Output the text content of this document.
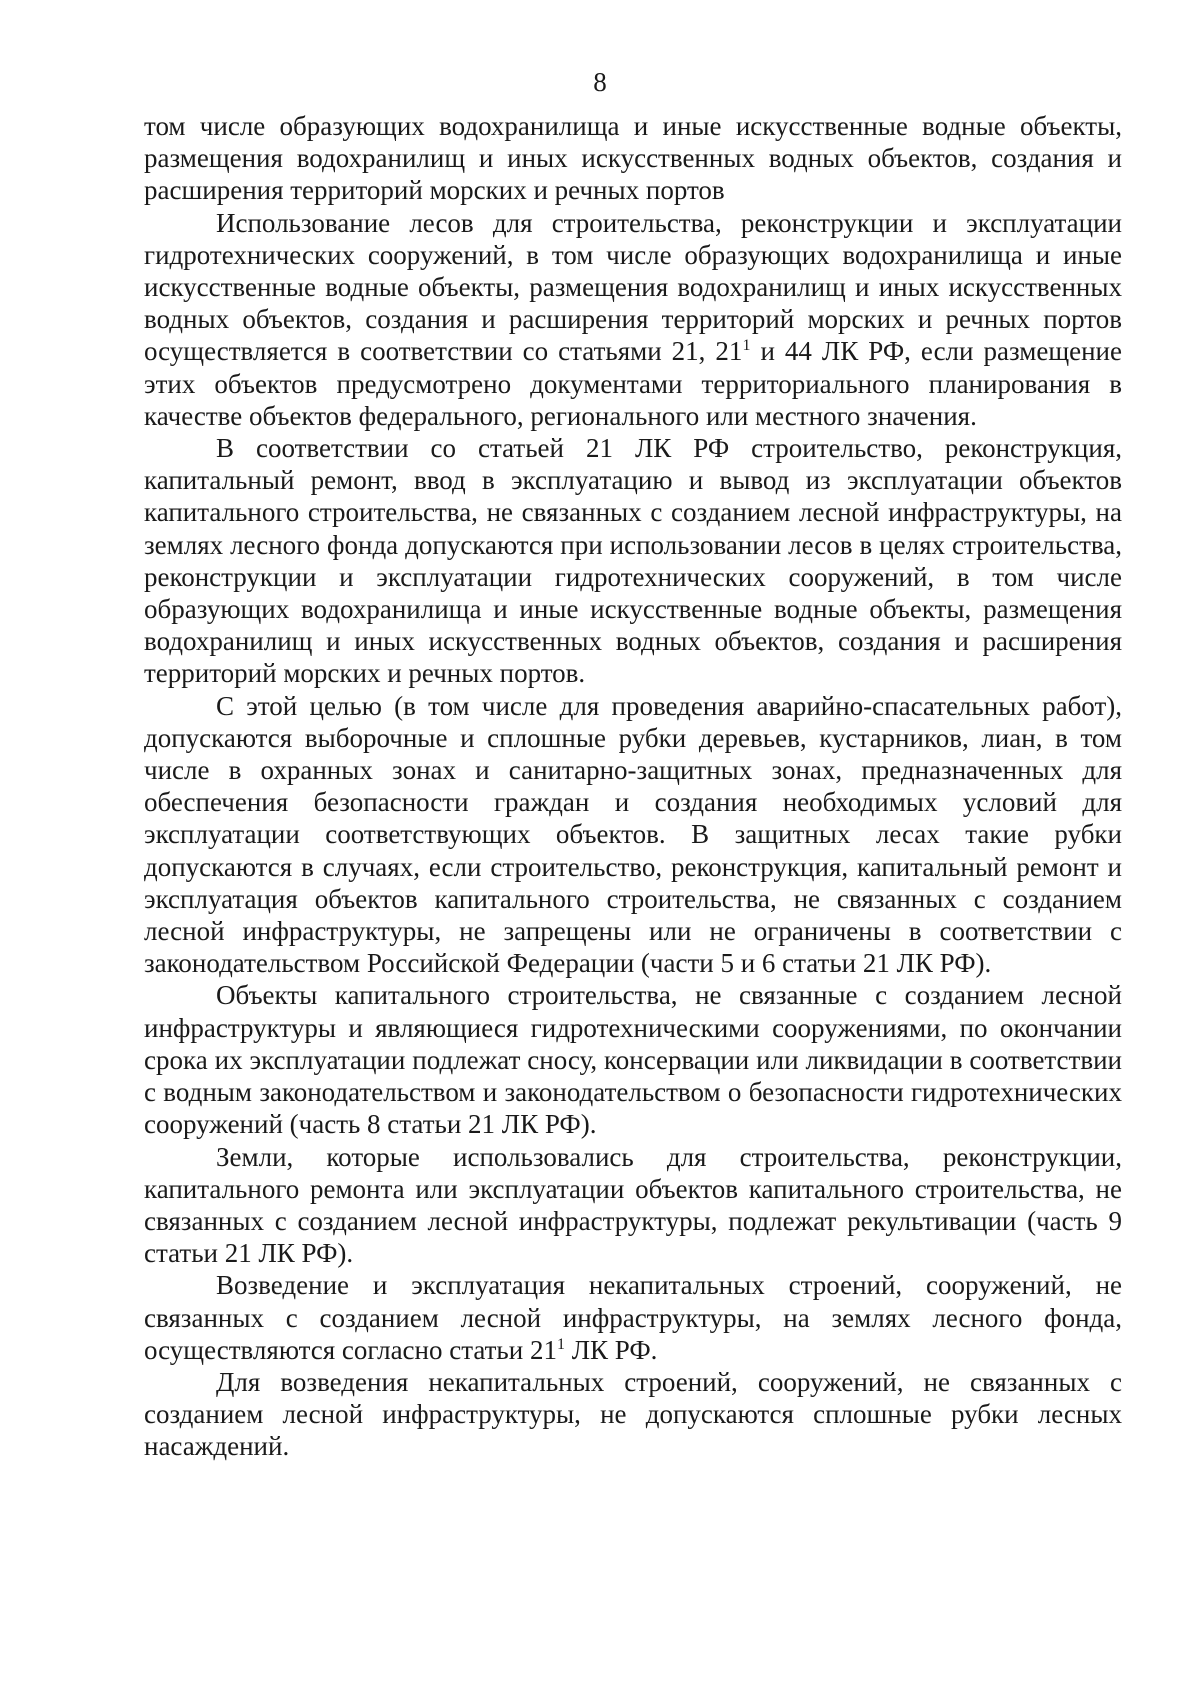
8

том числе образующих водохранилища и иные искусственные водные объекты, размещения водохранилищ и иных искусственных водных объектов, создания и расширения территорий морских и речных портов

Использование лесов для строительства, реконструкции и эксплуатации гидротехнических сооружений, в том числе образующих водохранилища и иные искусственные водные объекты, размещения водохранилищ и иных искусственных водных объектов, создания и расширения территорий морских и речных портов осуществляется в соответствии со статьями 21, $21^1$ и 44 ЛК РФ, если размещение этих объектов предусмотрено документами территориального планирования в качестве объектов федерального, регионального или местного значения.

В соответствии со статьей 21 ЛК РФ строительство, реконструкция, капитальный ремонт, ввод в эксплуатацию и вывод из эксплуатации объектов капитального строительства, не связанных с созданием лесной инфраструктуры, на землях лесного фонда допускаются при использовании лесов в целях строительства, реконструкции и эксплуатации гидротехнических сооружений, в том числе образующих водохранилища и иные искусственные водные объекты, размещения водохранилищ и иных искусственных водных объектов, создания и расширения территорий морских и речных портов.

С этой целью (в том числе для проведения аварийно-спасательных работ), допускаются выборочные и сплошные рубки деревьев, кустарников, лиан, в том числе в охранных зонах и санитарно-защитных зонах, предназначенных для обеспечения безопасности граждан и создания необходимых условий для эксплуатации соответствующих объектов. В защитных лесах такие рубки допускаются в случаях, если строительство, реконструкция, капитальный ремонт и эксплуатация объектов капитального строительства, не связанных с созданием лесной инфраструктуры, не запрещены или не ограничены в соответствии с законодательством Российской Федерации (части 5 и 6 статьи 21 ЛК РФ).

Объекты капитального строительства, не связанные с созданием лесной инфраструктуры и являющиеся гидротехническими сооружениями, по окончании срока их эксплуатации подлежат сносу, консервации или ликвидации в соответствии с водным законодательством и законодательством о безопасности гидротехнических сооружений (часть 8 статьи 21 ЛК РФ).

Земли, которые использовались для строительства, реконструкции, капитального ремонта или эксплуатации объектов капитального строительства, не связанных с созданием лесной инфраструктуры, подлежат рекультивации (часть 9 статьи 21 ЛК РФ).

Возведение и эксплуатация некапитальных строений, сооружений, не связанных с созданием лесной инфраструктуры, на землях лесного фонда, осуществляются согласно статьи $21^1$ ЛК РФ.

Для возведения некапитальных строений, сооружений, не связанных с созданием лесной инфраструктуры, не допускаются сплошные рубки лесных насаждений.
